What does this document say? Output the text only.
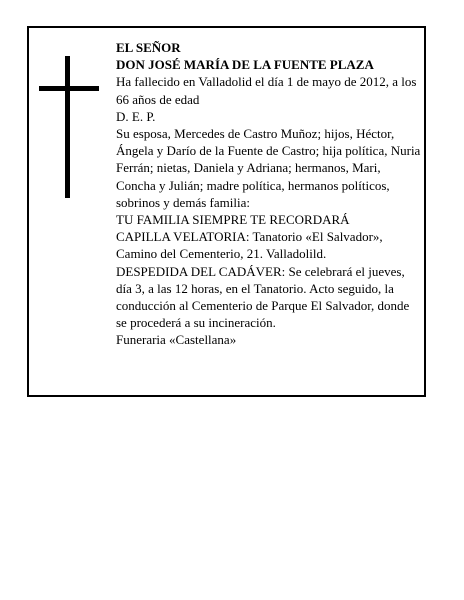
EL SEÑOR

DON JOSÉ MARÍA DE LA FUENTE PLAZA

Ha fallecido en Valladolid el día 1 de mayo de 2012, a los 66 años de edad

D. E. P.

Su esposa, Mercedes de Castro Muñoz; hijos, Héctor, Ángela y Darío de la Fuente de Castro; hija política, Nuria Ferrán; nietas, Daniela y Adriana; hermanos, Mari, Concha y Julián; madre política, hermanos políticos, sobrinos y demás familia:

TU FAMILIA SIEMPRE TE RECORDARÁ

CAPILLA VELATORIA: Tanatorio «El Salvador», Camino del Cementerio, 21. Valladolild.

DESPEDIDA DEL CADÁVER: Se celebrará el jueves, día 3, a las 12 horas, en el Tanatorio. Acto seguido, la conducción al Cementerio de Parque El Salvador, donde se procederá a su incineración.

Funeraria «Castellana»
